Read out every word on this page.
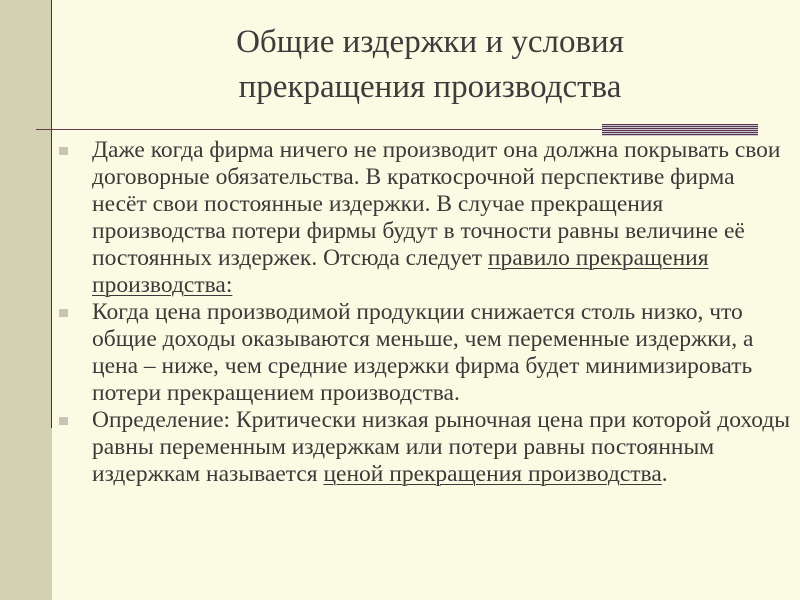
Общие издержки и условия
прекращения производства

Даже когда фирма ничего не производит она должна покрывать свои договорные обязательства. В краткосрочной перспективе фирма несёт свои постоянные издержки. В случае прекращения производства потери фирмы будут в точности равны величине её постоянных издержек. Отсюда следует правило прекращения производства:

Когда цена производимой продукции снижается столь низко, что общие доходы оказываются меньше, чем переменные издержки, а цена – ниже, чем средние издержки фирма будет минимизировать потери прекращением производства.

Определение: Критически низкая рыночная цена при которой доходы равны переменным издержкам или потери равны постоянным издержкам называется ценой прекращения производства.
